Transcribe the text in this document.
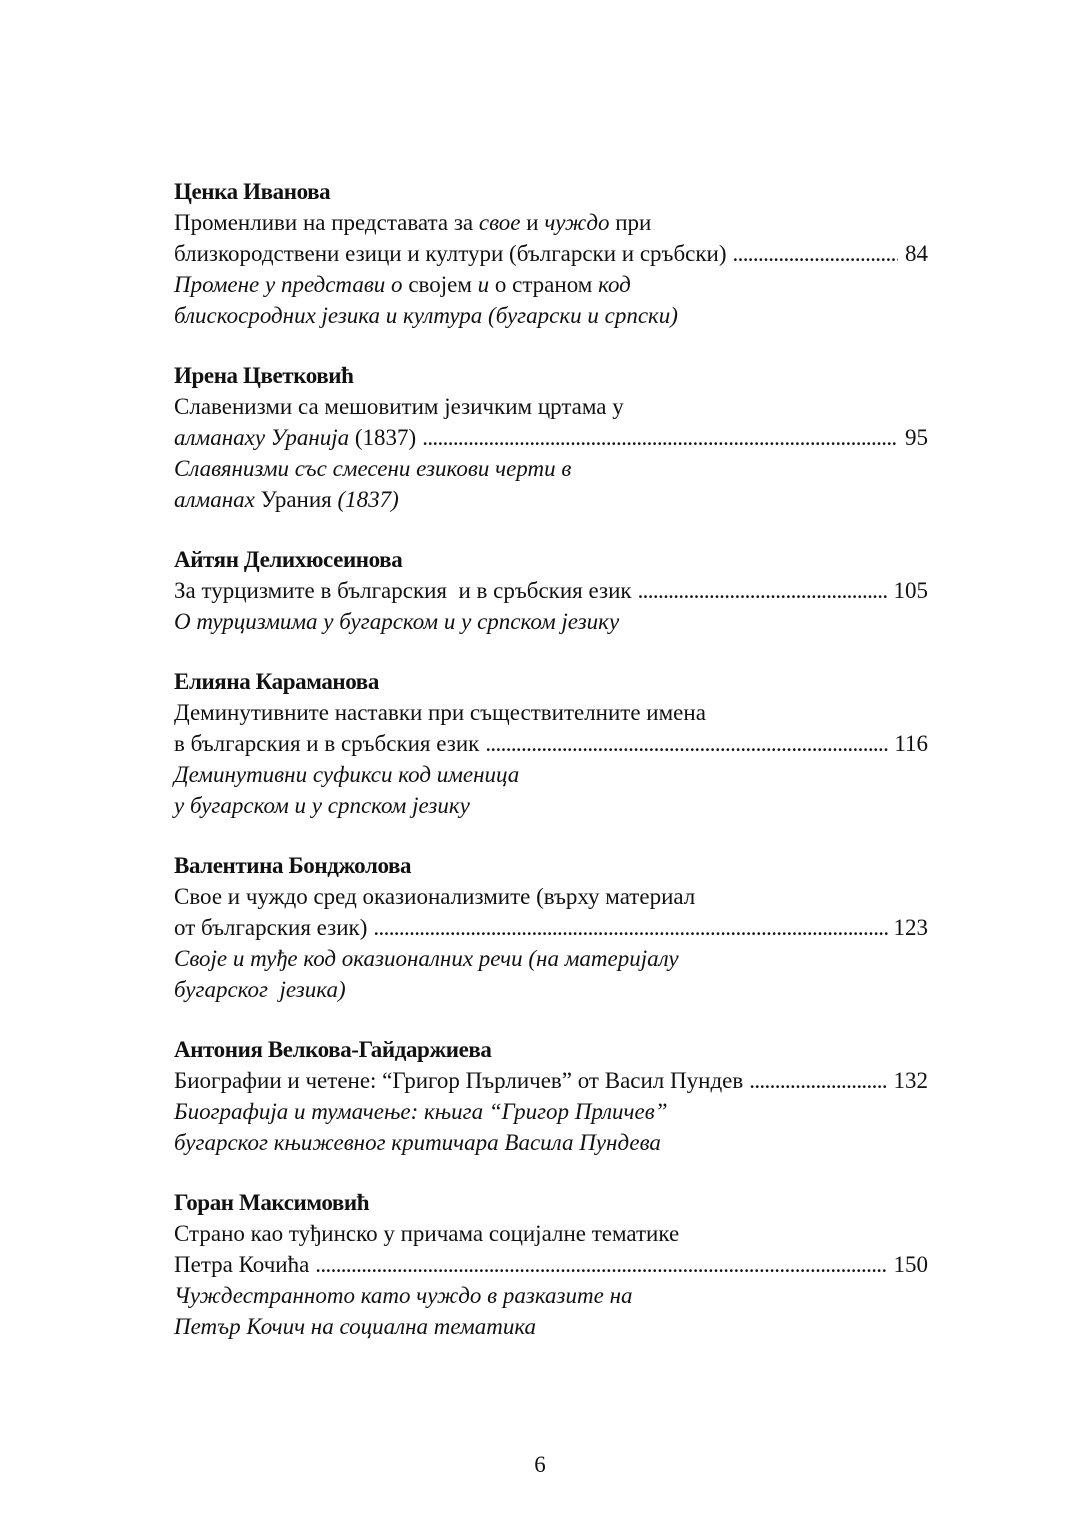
Ценка Иванова
Променливи на представата за свое и чуждо при
близкородствени езици и култури (български и сръбски) . . .	84
Промене у представи о својем и о страном код
блискосродних језика и култура (бугарски и српски)
Ирена Цветковић
Славенизми са мешовитим језичким цртама у
алманаху Уранија (1837) . . .	95
Славянизми със смесени езикови черти в
алманах Урания (1837)
Айтян Делихюсеинова
За турцизмите в българския  и в сръбския език . . .	105
О турцизмима у бугарском и у српском језику
Елияна Караманова
Деминутивните наставки при съществителните имена
в българския и в сръбския език . . .	116
Деминутивни суфикси код именица
у бугарском и у српском језику
Валентина Бонджолова
Свое и чуждо сред оказионализмите (върху материал
от българския език) . . .	123
Своје и туђе код оказионалних речи (на материјалу
бугарског  језика)
Антония Велкова-Гайдаржиева
Биографии и четене: “Григор Пърличев” от Васил Пундев . . .	132
Биографија и тумачење: књига “Григор Прличев”
бугарског књижевног критичара Васила Пундева
Горан Максимовић
Страно као туђинско у причама социјалне тематике
Петра Кочића . . .	150
Чуждестранното като чуждо в разказите на
Петър Кочич на социална тематика
6
